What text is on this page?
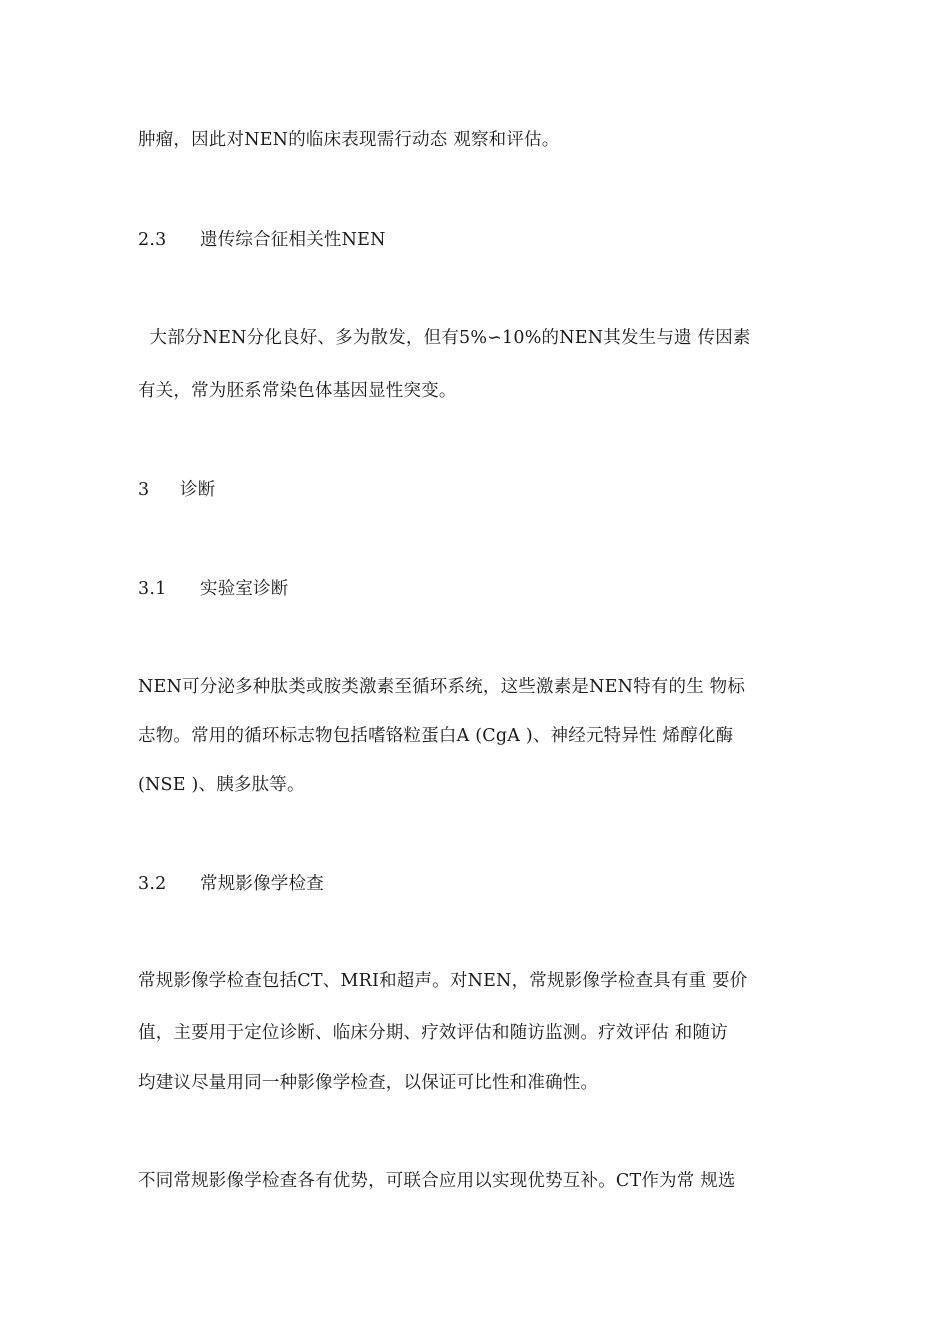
肿瘤，因此对NEN的临床表现需行动态 观察和评估。
2.3 遗传综合征相关性NEN
大部分NEN分化良好、多为散发，但有5%∽10%的NEN其发生与遗 传因素
有关，常为胚系常染色体基因显性突变。
3 诊断
3.1 实验室诊断
NEN可分泌多种肽类或胺类激素至循环系统，这些激素是NEN特有的生 物标
志物。常用的循环标志物包括嗜铬粒蛋白A (CgA )、神经元特异性 烯醇化酶
(NSE )、胰多肽等。
3.2 常规影像学检查
常规影像学检查包括CT、MRI和超声。对NEN，常规影像学检查具有重 要价
值，主要用于定位诊断、临床分期、疗效评估和随访监测。疗效评估 和随访
均建议尽量用同一种影像学检查，以保证可比性和准确性。
不同常规影像学检查各有优势，可联合应用以实现优势互补。CT作为常 规选
